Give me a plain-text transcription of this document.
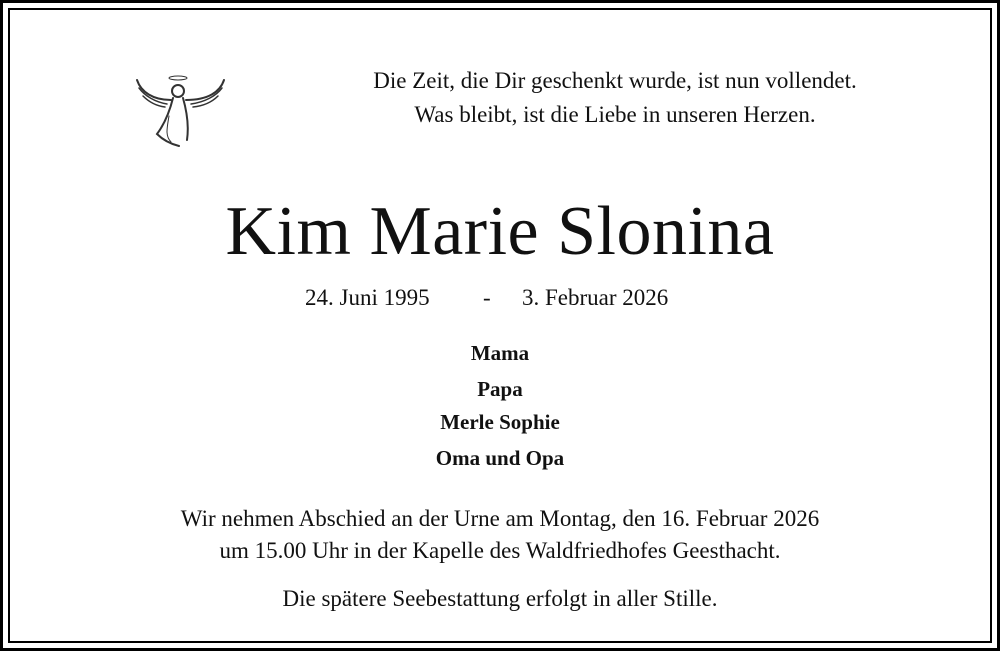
Die Zeit, die Dir geschenkt wurde, ist nun vollendet.
Was bleibt, ist die Liebe in unseren Herzen.
Kim Marie Slonina
24. Juni 1995 - 3. Februar 2026
Mama
Papa
Merle Sophie
Oma und Opa
Wir nehmen Abschied an der Urne am Montag, den 16. Februar 2026
um 15.00 Uhr in der Kapelle des Waldfriedhofes Geesthacht.
Die spätere Seebestattung erfolgt in aller Stille.
